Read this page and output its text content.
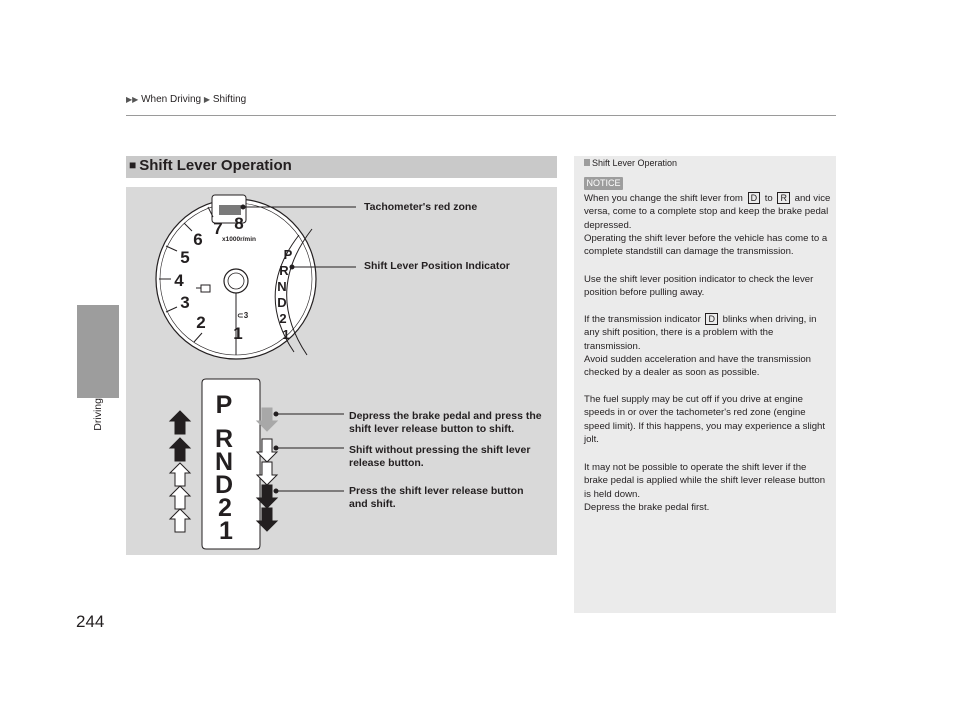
▶▶ When Driving ▶ Shifting
Driving
244
■ Shift Lever Operation
1
2
3
4
5
6
7 8
x1000r/min
⊂3
P
R
N
D
2
1
P
R
N
D
2
1
Tachometer's red zone
Shift Lever Position Indicator
Depress the brake pedal and press the
shift lever release button to shift.
Shift without pressing the shift lever
release button.
Press the shift lever release button
and shift.
Shift Lever Operation
NOTICE

When you change the shift lever from D to R and vice versa, come to a complete stop and keep the brake pedal depressed.
Operating the shift lever before the vehicle has come to a complete standstill can damage the transmission.

Use the shift lever position indicator to check the lever position before pulling away.

If the transmission indicator D blinks when driving, in any shift position, there is a problem with the transmission.
Avoid sudden acceleration and have the transmission checked by a dealer as soon as possible.

The fuel supply may be cut off if you drive at engine speeds in or over the tachometer's red zone (engine speed limit). If this happens, you may experience a slight jolt.

It may not be possible to operate the shift lever if the brake pedal is applied while the shift lever release button is held down.
Depress the brake pedal first.
